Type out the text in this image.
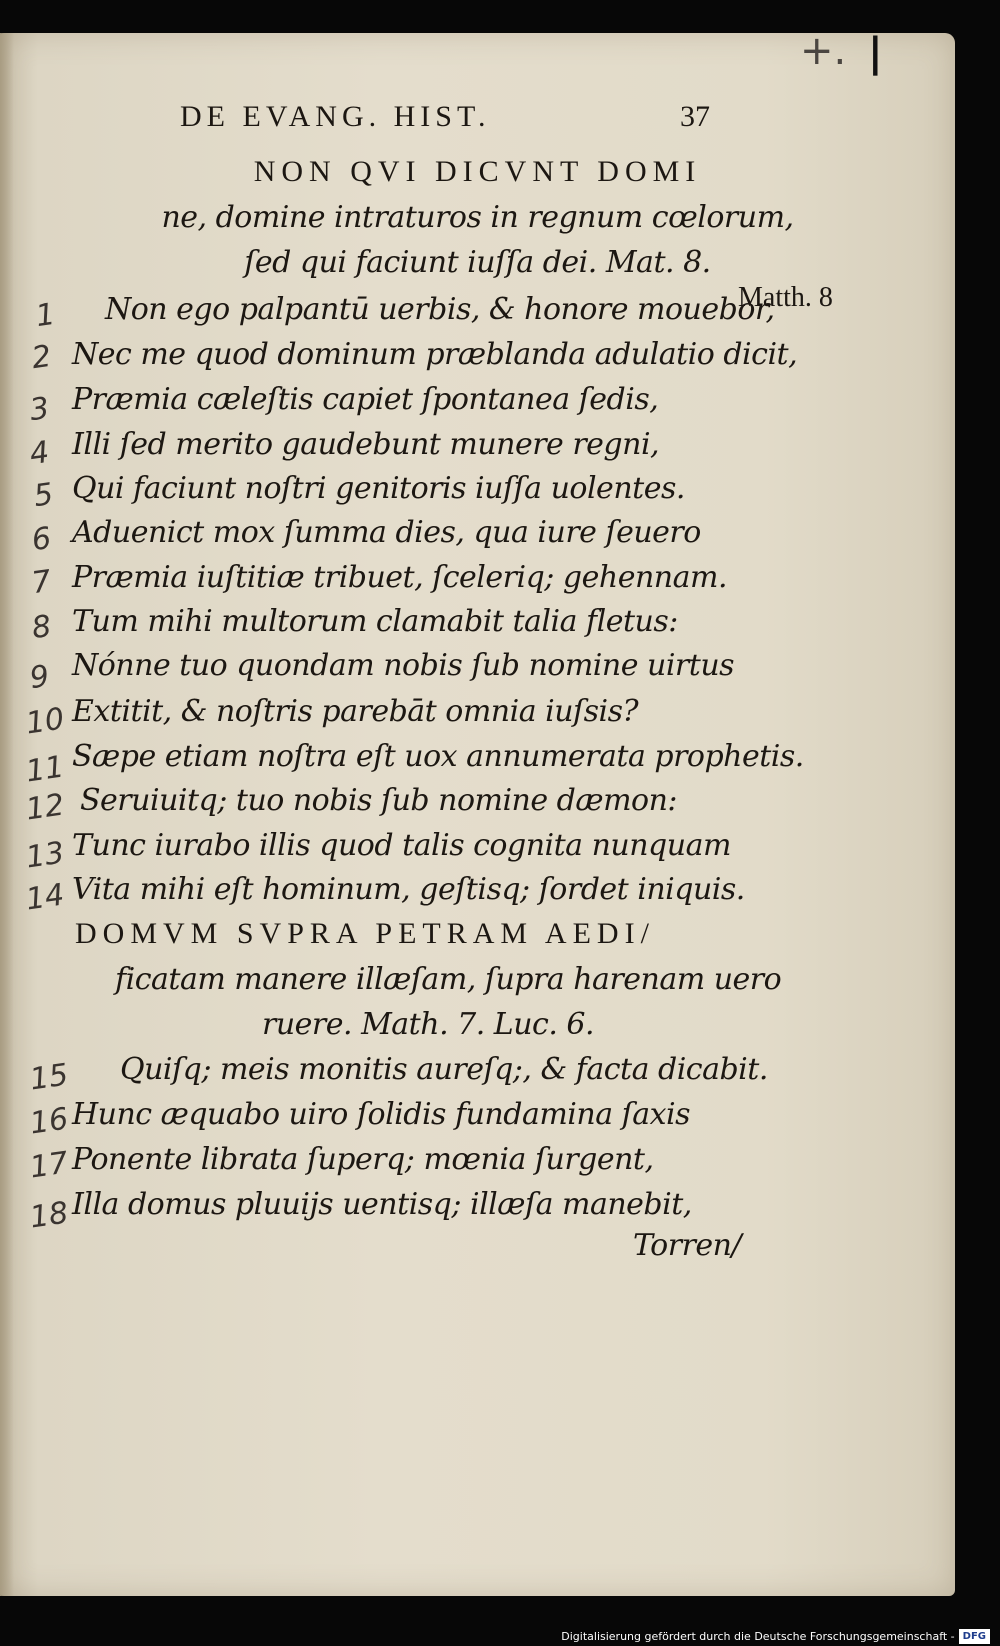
+. |
DE EVANG. HIST.	37
NON QVI DICVNT DOMI
ne, domine intraturos in regnum cœlorum,
ſed qui faciunt iuſſa dei. Mat. 8.
Matth. 8
1 Non ego palpantū uerbis, & honore mouebor,
2 Nec me quod dominum præblanda adulatio dicit,
3 Præmia cæleſtis capiet ſpontanea ſedis,
4 Illi ſed merito gaudebunt munere regni,
5 Qui faciunt noſtri genitoris iuſſa uolentes.
6 Aduenict mox ſumma dies, qua iure ſeuero
7 Præmia iuſtitiæ tribuet, ſceleriq; gehennam.
8 Tum mihi multorum clamabit talia fletus:
9 Nónne tuo quondam nobis ſub nomine uirtus
10 Extitit, & noſtris parebāt omnia iuſsis?
11 Sæpe etiam noſtra eſt uox annumerata prophetis.
12 Seruiuitq; tuo nobis ſub nomine dæmon:
13 Tunc iurabo illis quod talis cognita nunquam
14 Vita mihi eſt hominum, geſtisq; ſordet iniquis.
DOMVM SVPRA PETRAM AEDI/
ficatam manere illæſam, ſupra harenam uero
ruere. Math. 7. Luc. 6.
15 Quiſq; meis monitis aureſq;, & facta dicabit.
16 Hunc æquabo uiro ſolidis fundamina ſaxis
17 Ponente librata ſuperq; mœnia ſurgent,
18 Illa domus pluuijs uentisq; illæſa manebit,
Torren/
Digitalisierung gefördert durch die Deutsche Forschungsgemeinschaft - DFG
